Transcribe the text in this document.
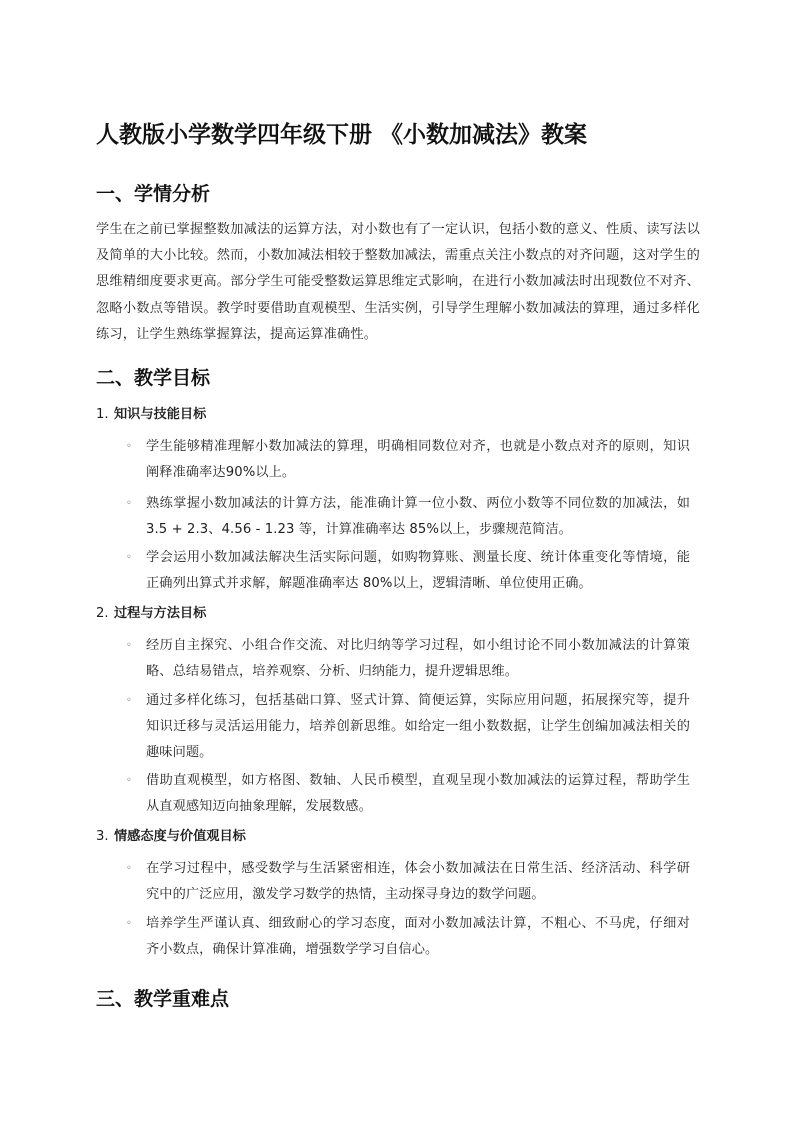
人教版小学数学四年级下册 《小数加减法》教案
一、学情分析

学生在之前已掌握整数加减法的运算方法，对小数也有了一定认识，包括小数的意义、性质、读写法以及简单的大小比较。然而，小数加减法相较于整数加减法，需重点关注小数点的对齐问题，这对学生的思维精细度要求更高。部分学生可能受整数运算思维定式影响，在进行小数加减法时出现数位不对齐、忽略小数点等错误。教学时要借助直观模型、生活实例，引导学生理解小数加减法的算理，通过多样化练习，让学生熟练掌握算法，提高运算准确性。

二、教学目标
1. 知识与技能目标
◦ 学生能够精准理解小数加减法的算理，明确相同数位对齐，也就是小数点对齐的原则，知识阐释准确率达90%以上。
◦ 熟练掌握小数加减法的计算方法，能准确计算一位小数、两位小数等不同位数的加减法，如 3.5 + 2.3、4.56 - 1.23 等，计算准确率达 85%以上，步骤规范简洁。
◦ 学会运用小数加减法解决生活实际问题，如购物算账、测量长度、统计体重变化等情境，能正确列出算式并求解，解题准确率达 80%以上，逻辑清晰、单位使用正确。
2. 过程与方法目标
◦ 经历自主探究、小组合作交流、对比归纳等学习过程，如小组讨论不同小数加减法的计算策略、总结易错点，培养观察、分析、归纳能力，提升逻辑思维。
◦ 通过多样化练习，包括基础口算、竖式计算、简便运算，实际应用问题，拓展探究等，提升知识迁移与灵活运用能力，培养创新思维。如给定一组小数数据，让学生创编加减法相关的趣味问题。
◦ 借助直观模型，如方格图、数轴、人民币模型，直观呈现小数加减法的运算过程，帮助学生从直观感知迈向抽象理解，发展数感。
3. 情感态度与价值观目标
◦ 在学习过程中，感受数学与生活紧密相连，体会小数加减法在日常生活、经济活动、科学研究中的广泛应用，激发学习数学的热情，主动探寻身边的数学问题。
◦ 培养学生严谨认真、细致耐心的学习态度，面对小数加减法计算，不粗心、不马虎，仔细对齐小数点，确保计算准确，增强数学学习自信心。
三、教学重难点
